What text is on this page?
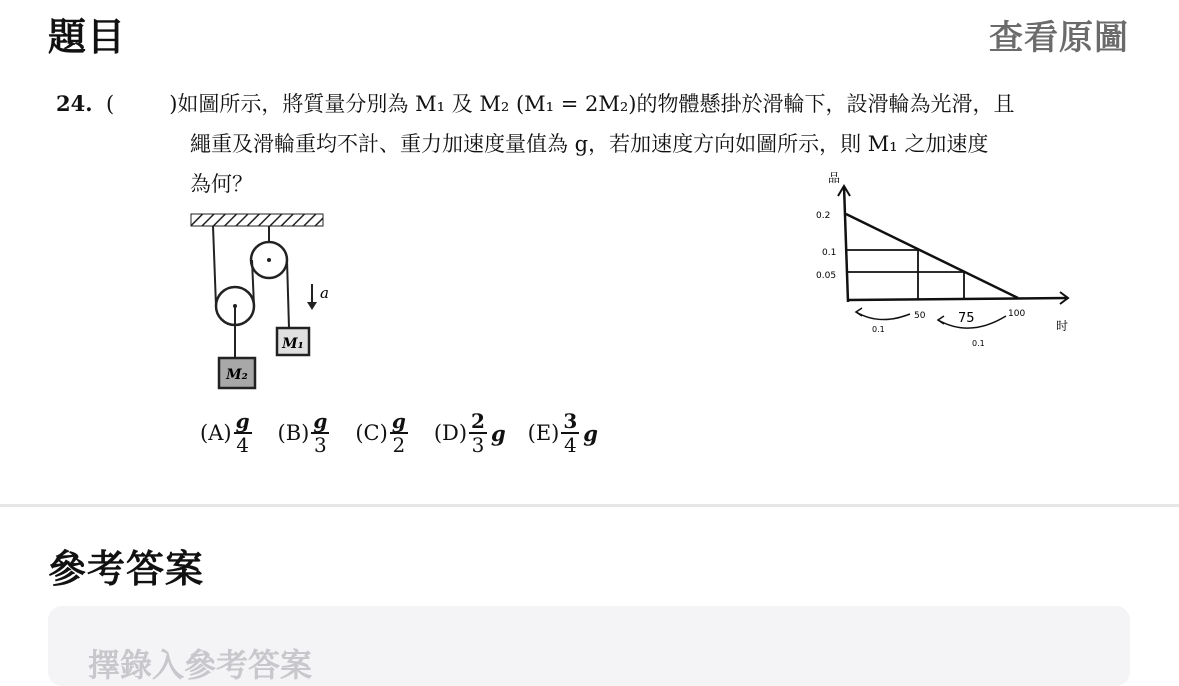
題目	查看原圖
24. (	)如圖所示，將質量分別為 M₁ 及 M₂ (M₁ = 2M₂)的物體懸掛於滑輪下，設滑輪為光滑，且
繩重及滑輪重均不計、重力加速度量值為 g，若加速度方向如圖所示，則 M₁ 之加速度
為何？
M₂
M₁
a
品
0.2
0.1
0.05
50	75	100
时
0.1
0.1
$(A) \frac{g}{4} (B) \frac{g}{3} (C) \frac{g}{2} (D) \frac{2}{3}$ g $(E) \frac{3}{4}$ g
參考答案
擇錄入參考答案
